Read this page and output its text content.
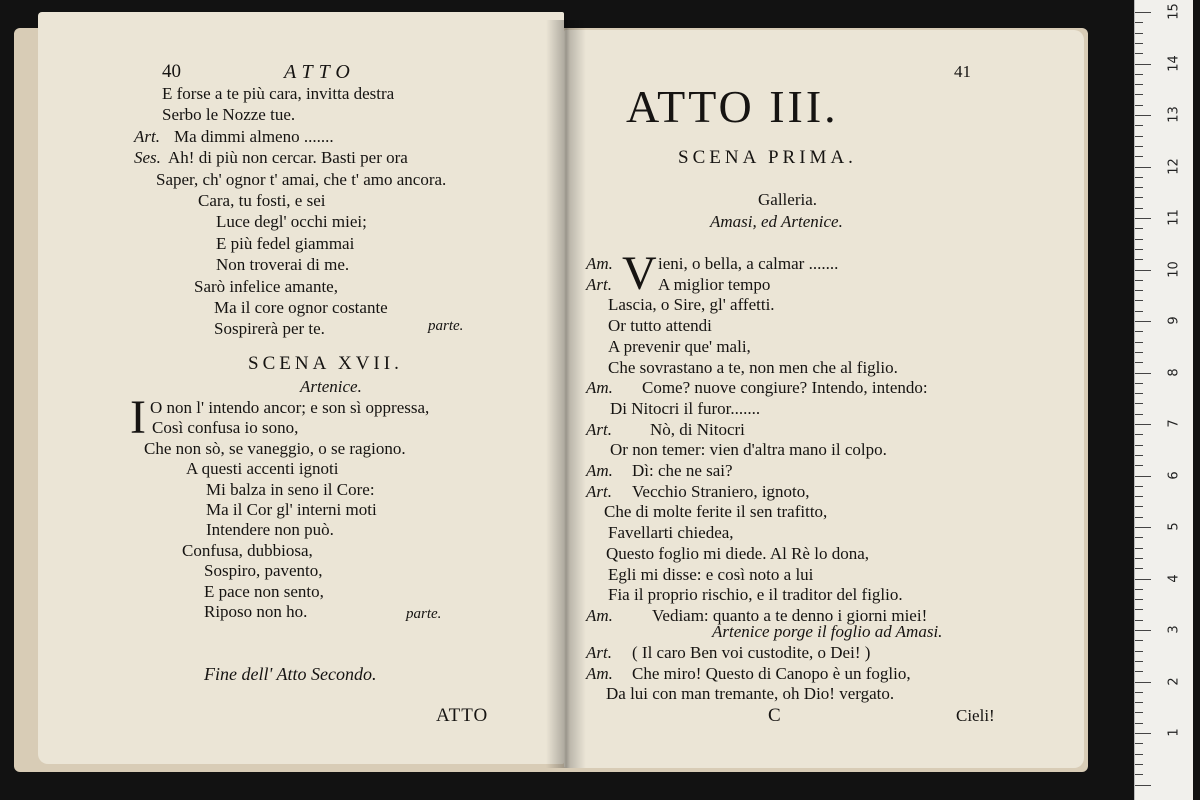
40	ATTO
E forse a te più cara, invitta destra
Serbo le Nozze tue.
Art. Ma dimmi almeno .......
Ses. Ah! di più non cercar. Basti per ora
Saper, ch' ognor t' amai, che t' amo ancora.
Cara, tu fosti, e sei
Luce degl' occhi miei;
E più fedel giammai
Non troverai di me.
Sarò infelice amante,
Ma il core ognor costante
Sospirerà per te.	parte.
SCENA XVII.
Artenice.
I O non l' intendo ancor; e son sì oppressa,
Così confusa io sono,
Che non sò, se vaneggio, o se ragiono.
A questi accenti ignoti
Mi balza in seno il Core:
Ma il Cor gl' interni moti
Intendere non può.
Confusa, dubbiosa,
Sospiro, pavento,
E pace non sento,
Riposo non ho.	parte.
Fine dell' Atto Secondo.
ATTO
41
ATTO III.
SCENA PRIMA.
Galleria.
Amasi, ed Artenice.
V
Am.	ieni, o bella, a calmar .......
Art.	A miglior tempo
Lascia, o Sire, gl' affetti.
Or tutto attendi
A prevenir que' mali,
Che sovrastano a te, non men che al figlio.
Am. Come? nuove congiure? Intendo, intendo:
Di Nitocri il furor.......
Art. Nò, di Nitocri
Or non temer: vien d'altra mano il colpo.
Am. Dì: che ne sai?
Art. Vecchio Straniero, ignoto,
Che di molte ferite il sen trafitto,
Favellarti chiedea,
Questo foglio mi diede. Al Rè lo dona,
Egli mi disse: e così noto a lui
Fia il proprio rischio, e il traditor del figlio.
Am. Vediam: quanto a te denno i giorni miei!
Artenice porge il foglio ad Amasi.
Art. ( Il caro Ben voi custodite, o Dei! )
Am. Che miro! Questo di Canopo è un foglio,
Da lui con man tremante, oh Dio! vergato.
C	Cieli!
15
14
13
12
11
10
9
8
7
6
5
4
3
2
1
